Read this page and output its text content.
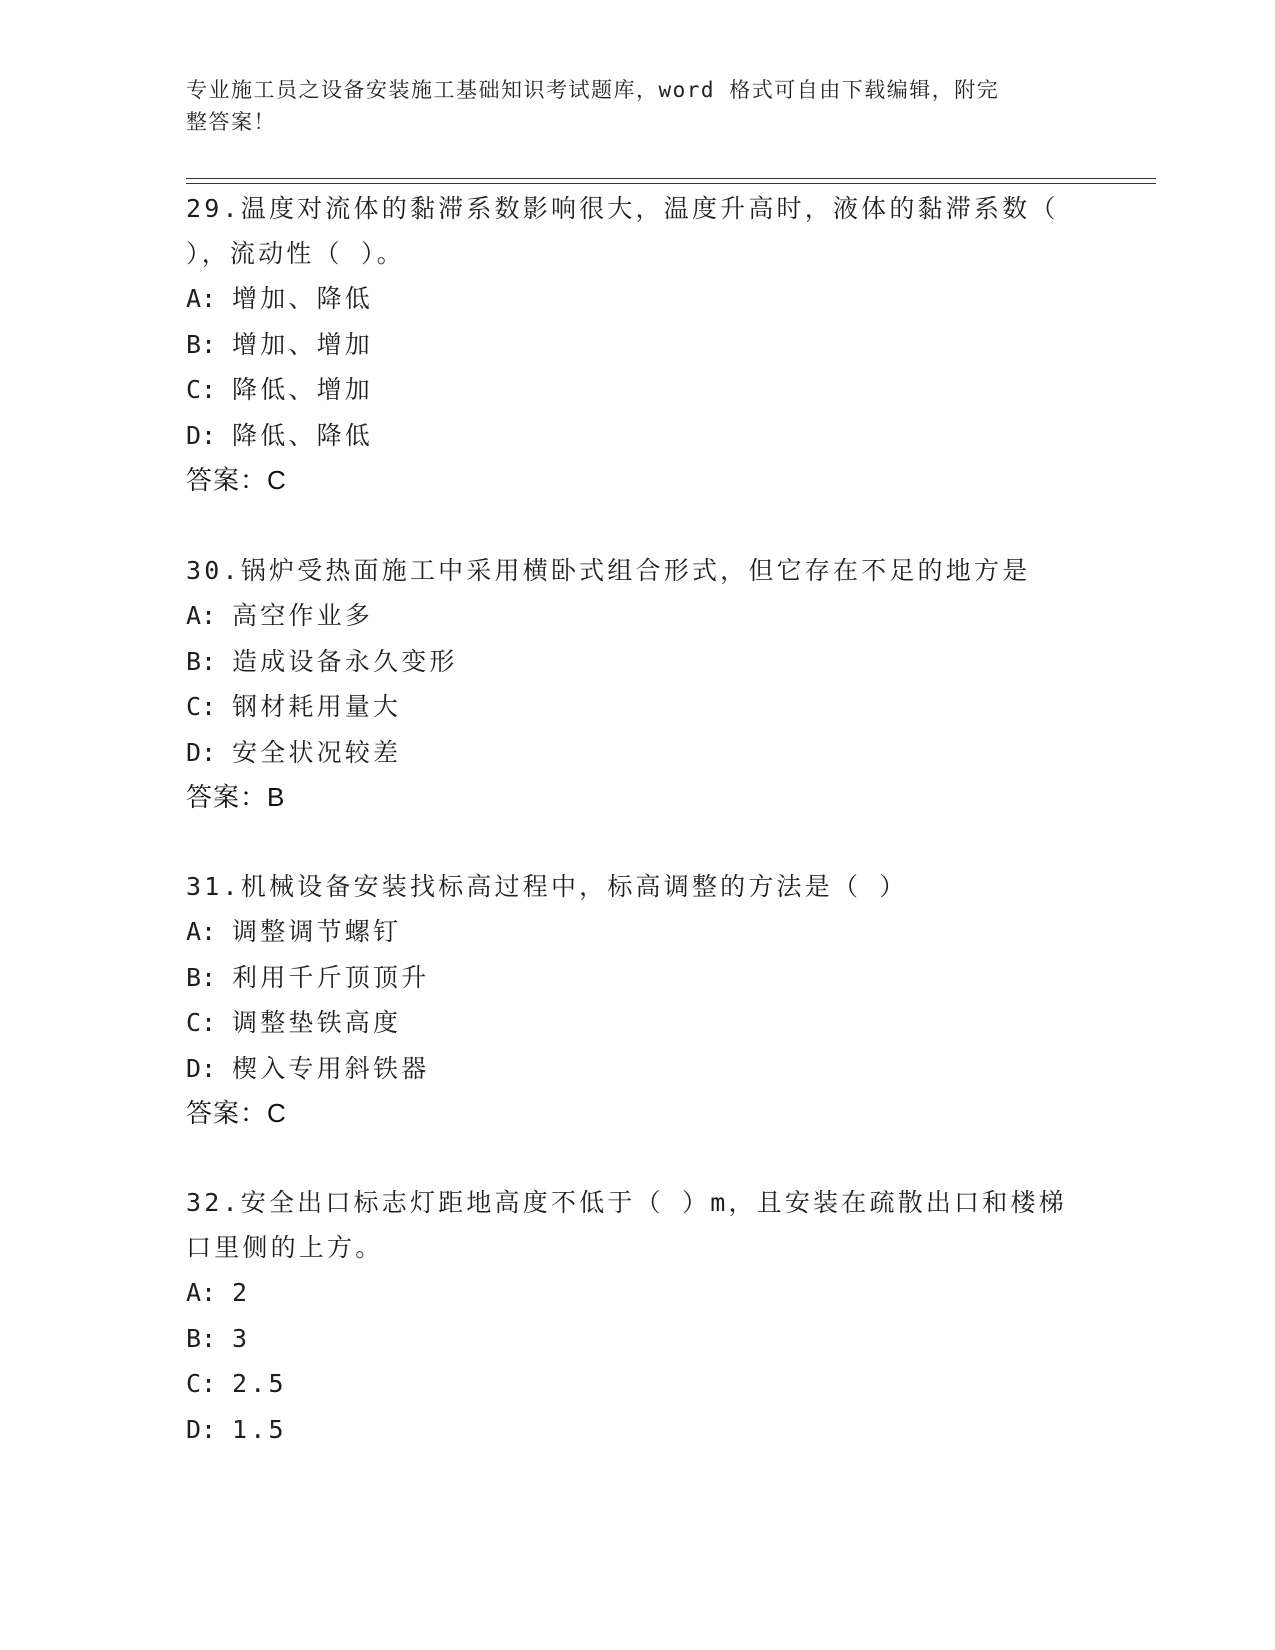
专业施工员之设备安装施工基础知识考试题库，word 格式可自由下载编辑，附完
整答案！
29.温度对流体的黏滞系数影响很大，温度升高时，液体的黏滞系数（
），流动性（ ）。
A: 增加、降低
B: 增加、增加
C: 降低、增加
D: 降低、降低
答案：C
30.锅炉受热面施工中采用横卧式组合形式，但它存在不足的地方是
A: 高空作业多
B: 造成设备永久变形
C: 钢材耗用量大
D: 安全状况较差
答案：B
31.机械设备安装找标高过程中，标高调整的方法是（ ）
A: 调整调节螺钉
B: 利用千斤顶顶升
C: 调整垫铁高度
D: 楔入专用斜铁器
答案：C
32.安全出口标志灯距地高度不低于（ ）m，且安装在疏散出口和楼梯
口里侧的上方。
A: 2
B: 3
C: 2.5
D: 1.5
